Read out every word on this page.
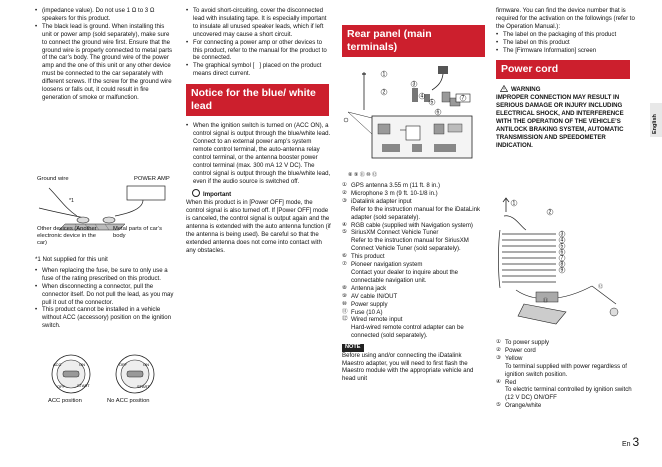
• (impedance value). Do not use 1 Ω to 3 Ω speakers for this product.
• The black lead is ground. When installing this unit or power amp (sold separately), make sure to connect the ground wire first. Ensure that the ground wire is properly connected to metal parts of the car’s body. The ground wire of the power amp and the one of this unit or any other device must be connected to the car separately with different screws. If the screw for the ground wire loosens or falls out, it could result in fire generation of smoke or malfunction.
Ground wire	POWER AMP
*1
Other devices (Another electronic device in the car)
Metal parts of car’s body

*1 Not supplied for this unit

• When replacing the fuse, be sure to only use a fuse of the rating prescribed on this product.
• When disconnecting a connector, pull the connector itself. Do not pull the lead, as you may pull it out of the connector.
• This product cannot be installed in a vehicle without ACC (accessory) position on the ignition switch.
ACC	ON
OFF	START
OFF	ON
START
ACC position	No ACC position
• To avoid short-circuiting, cover the disconnected lead with insulating tape. It is especially important to insulate all unused speaker leads, which if left uncovered may cause a short circuit.
• For connecting a power amp or other devices to this product, refer to the manual for the product to be connected.
• The graphical symbol [   ] placed on the product means direct current.
Notice for the blue/ white lead
• When the ignition switch is turned on (ACC ON), a control signal is output through the blue/white lead. Connect to an external power amp’s system remote control terminal, the auto-antenna relay control terminal, or the antenna booster power control terminal (max. 300 mA 12 V DC). The control signal is output through the blue/white lead, even if the audio source is switched off.

Important

When this product is in [Power OFF] mode, the control signal is also turned off. If [Power OFF] mode is canceled, the control signal is output again and the antenna is extended with the auto antenna function (if the antenna is being used). Be careful so that the extended antenna does not come into contact with any obstacles.

Rear panel (main terminals)
1
2
3
4
5
6
7
⑧ ⑨ ⑪ ⑩ ⑫
① GPS antenna 3.55 m (11 ft. 8 in.)
② Microphone 3 m (9 ft. 10-1/8 in.)
③ iDatalink adapter input
Refer to the instruction manual for the iDataLink adapter (sold separately).
④ RGB cable (supplied with Navigation system)
⑤ SiriusXM Connect Vehicle Tuner
Refer to the instruction manual for SiriusXM Connect Vehicle Tuner (sold separately).
⑥ This product
⑦ Pioneer navigation system
Contact your dealer to inquire about the connectable navigation unit.
⑧ Antenna jack
⑨ AV cable IN/OUT
⑩ Power supply
⑪ Fuse (10 A)
⑫ Wired remote input
Hard-wired remote control adapter can be connected (sold separately).

NOTE

Before using and/or connecting the iDatalink Maestro adapter, you will need to first flash the Maestro module with the appropriate vehicle and head unit

firmware. You can find the device number that is required for the activation on the followings (refer to the Operation Manual.):

• The label on the packaging of this product
• The label on this product
• The [Firmware Information] screen
Power cord

WARNING

IMPROPER CONNECTION MAY RESULT IN SERIOUS DAMAGE OR INJURY INCLUDING ELECTRICAL SHOCK, AND INTERFERENCE WITH THE OPERATION OF THE VEHICLE’S ANTILOCK BRAKING SYSTEM, AUTOMATIC TRANSMISSION AND SPEEDOMETER INDICATION.

1
2
3
4
5
6
7
8
9
⑪
⑫
① To power supply
② Power cord
③ Yellow
To terminal supplied with power regardless of ignition switch position.
④ Red
To electric terminal controlled by ignition switch (12 V DC) ON/OFF
⑤ Orange/white
English
En 3
